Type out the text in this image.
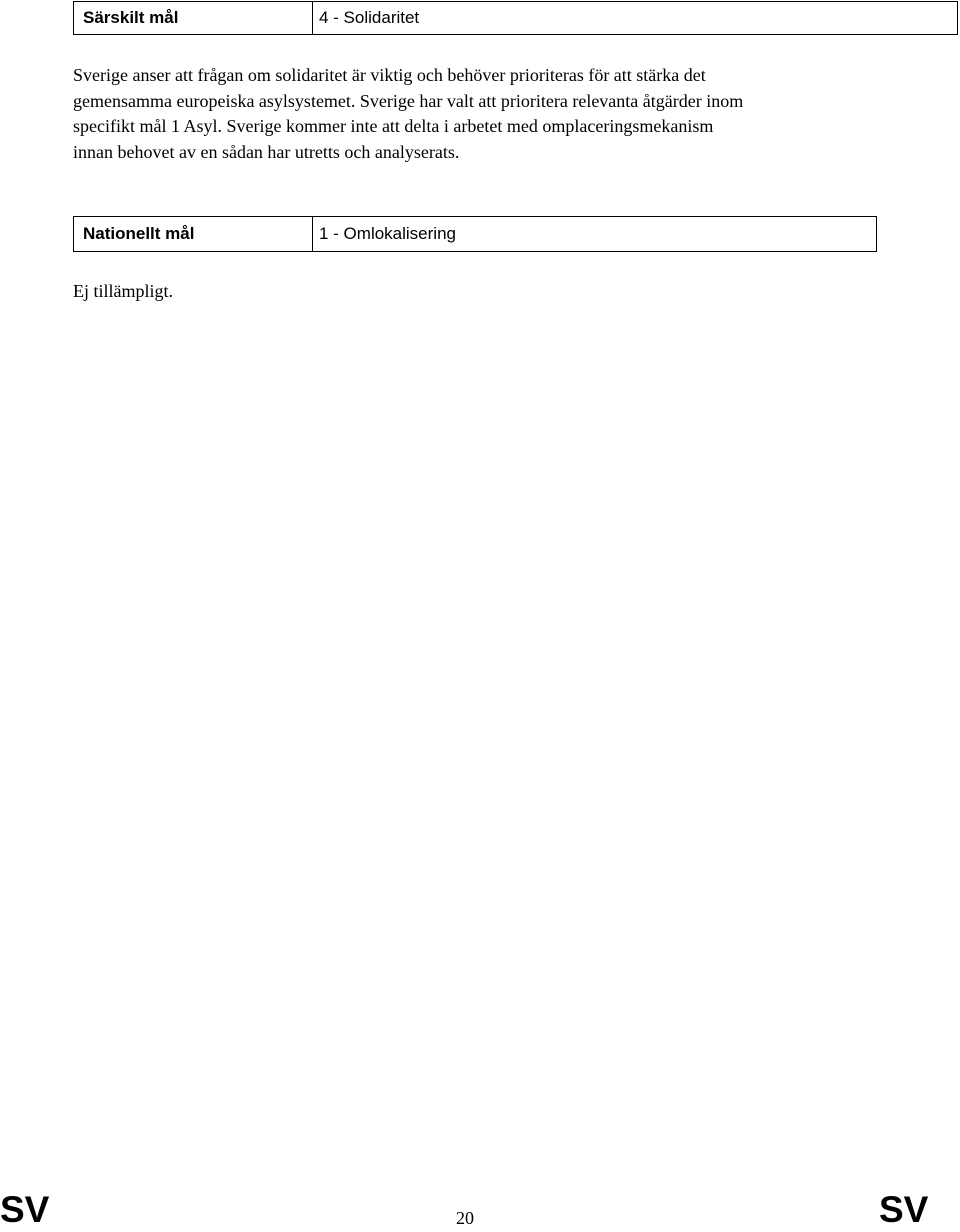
Särskilt mål	4 - Solidaritet

Sverige anser att frågan om solidaritet är viktig och behöver prioriteras för att stärka det
gemensamma europeiska asylsystemet. Sverige har valt att prioritera relevanta åtgärder inom
specifikt mål 1 Asyl. Sverige kommer inte att delta i arbetet med omplaceringsmekanism
innan behovet av en sådan har utretts och analyserats.

Nationellt mål	1 - Omlokalisering

Ej tillämpligt.

SV	20	SV
